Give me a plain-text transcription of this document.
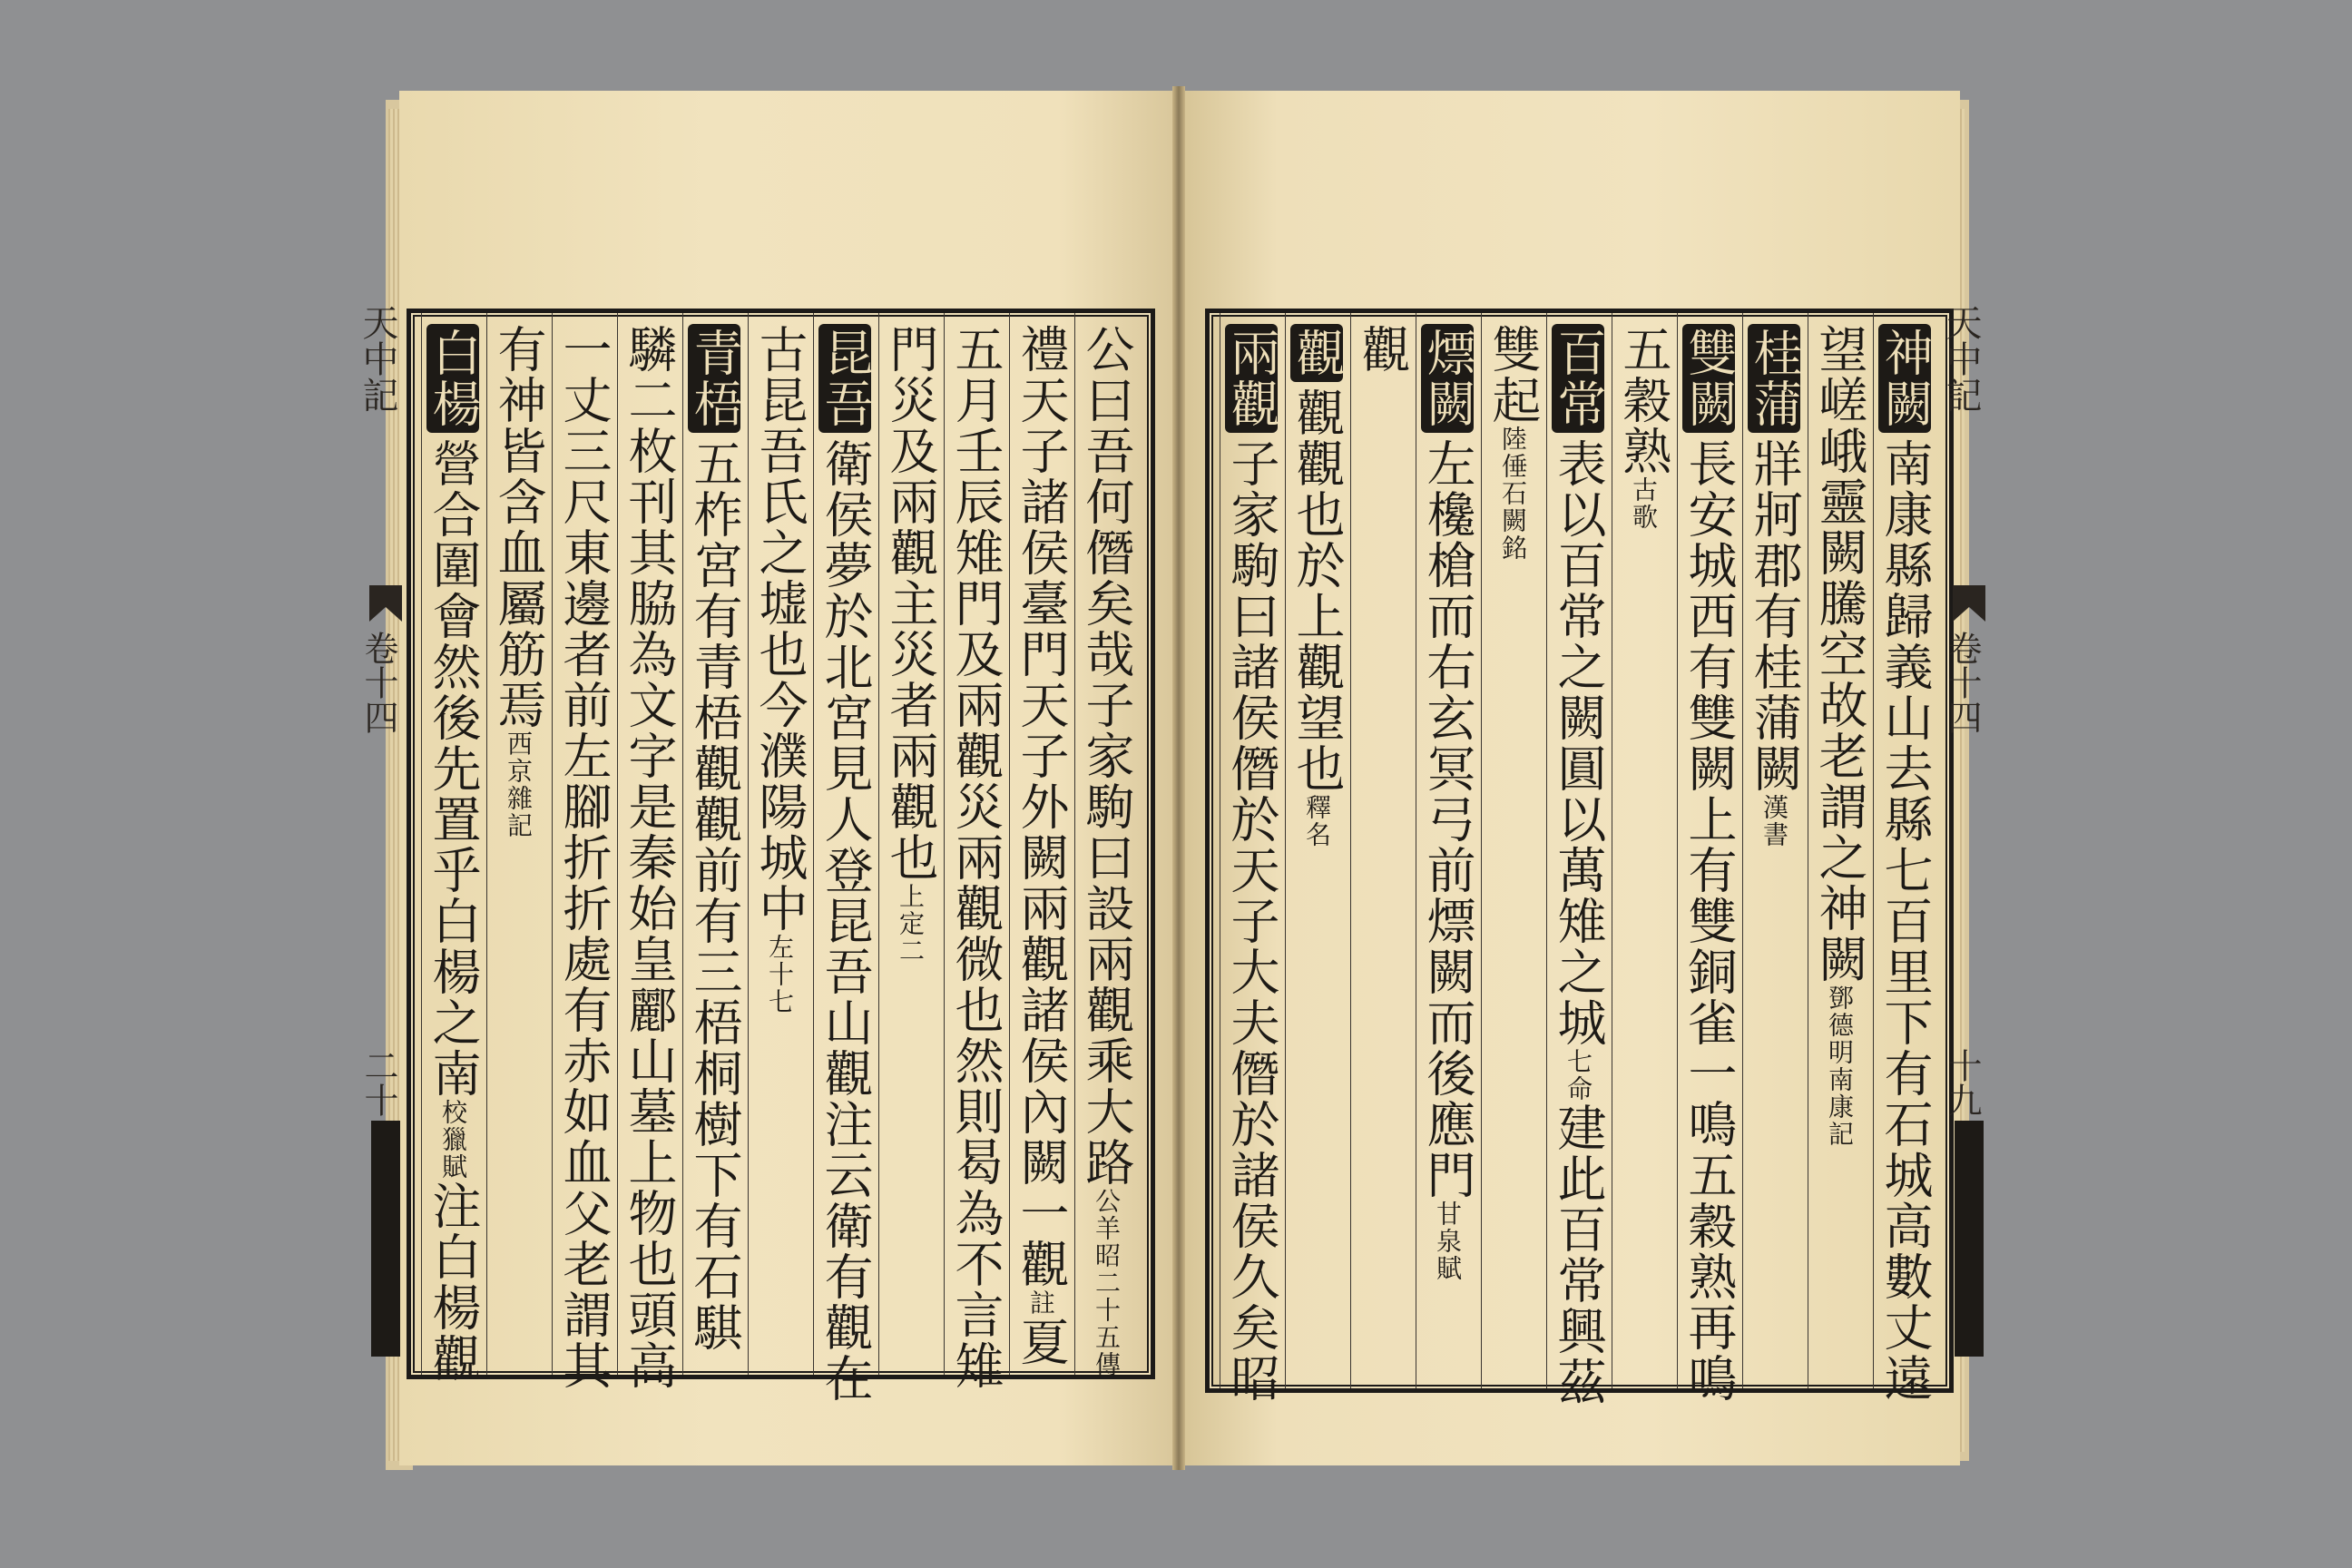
公曰吾何僭矣哉子家駒曰設兩觀乘大路公羊昭二十五傳
禮天子諸侯臺門天子外闕兩觀諸侯內闕一觀註夏
五月壬辰雉門及兩觀災兩觀微也然則曷為不言雉
門災及兩觀主災者兩觀也上定二
昆吾衛侯夢於北宮見人登昆吾山觀注云衛有觀在
古昆吾氏之墟也今濮陽城中左十七
青梧五柞宮有青梧觀觀前有三梧桐樹下有石騏
驎二枚刊其脇為文字是秦始皇酈山墓上物也頭高
一丈三尺東邊者前左腳折折處有赤如血父老謂其
有神皆含血屬筋焉西京雜記
白楊營合圍會然後先置乎白楊之南校獵賦注白楊觀
神闕南康縣歸義山去縣七百里下有石城高數丈遠
望嵯峨靈闕騰空故老謂之神闕鄧德明南康記
桂蒲牂牁郡有桂蒲闕漢書
雙闕長安城西有雙闕上有雙銅雀一鳴五穀熟再鳴
五穀熟古歌
百常表以百常之闕圓以萬雉之城七命建此百常興茲
雙起陸倕石闕銘
熛闕左欃槍而右玄冥弓前熛闕而後應門甘泉賦
觀
觀觀觀也於上觀望也釋名
兩觀子家駒曰諸侯僭於天子大夫僭於諸侯久矣昭
天中記
卷十四
二十
天中記
卷十四
十九
